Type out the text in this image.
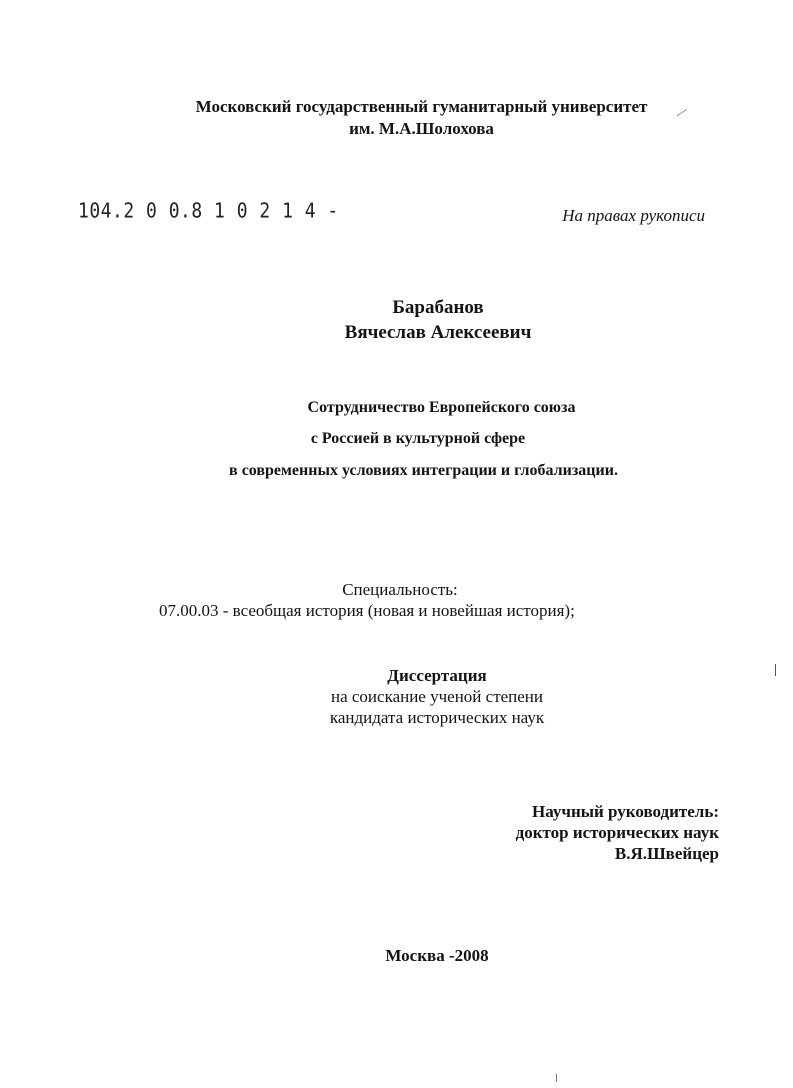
Московский государственный гуманитарный университет

им. М.А.Шолохова

104.2 0 0.8 1 0 2 1 4 -	На правах рукописи

Барабанов

Вячеслав Алексеевич

Сотрудничество Европейского союза

с Россией в культурной сфере

в современных условиях интеграции и глобализации.

Специальность:

07.00.03 - всеобщая история (новая и новейшая история);

Диссертация

на соискание ученой степени

кандидата исторических наук

Научный руководитель:

доктор исторических наук

В.Я.Швейцер

Москва -2008
